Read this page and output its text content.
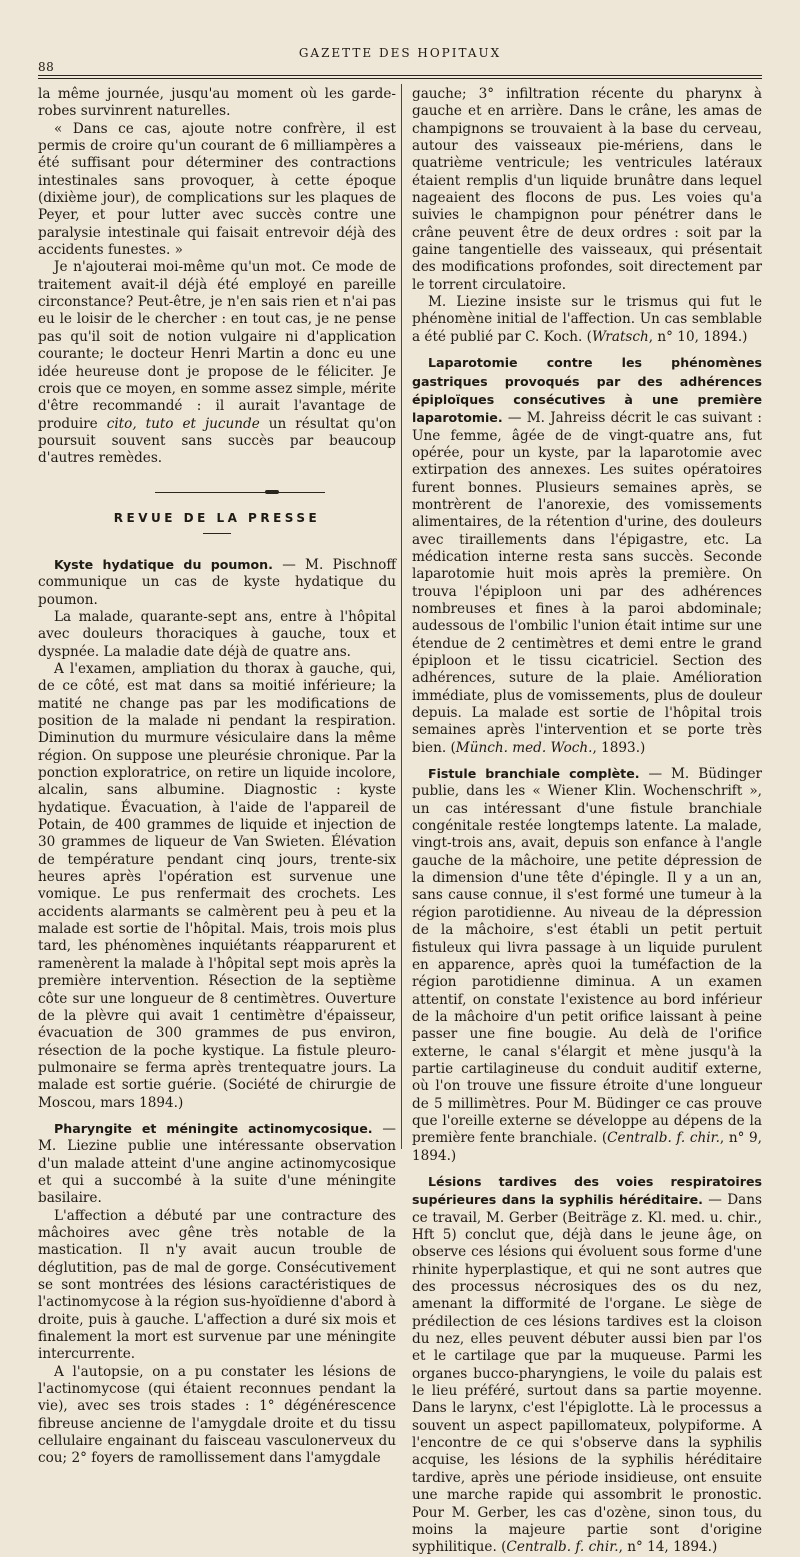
88
GAZETTE DES HOPITAUX

la même journée, jusqu'au moment où les garde-robes survinrent naturelles.

« Dans ce cas, ajoute notre confrère, il est permis de croire qu'un courant de 6 milliampères a été suffisant pour déterminer des contractions intestinales sans provoquer, à cette époque (dixième jour), de complications sur les plaques de Peyer, et pour lutter avec succès contre une paralysie intestinale qui faisait entrevoir déjà des accidents funestes. »

Je n'ajouterai moi-même qu'un mot. Ce mode de traitement avait-il déjà été employé en pareille circonstance? Peut-être, je n'en sais rien et n'ai pas eu le loisir de le chercher : en tout cas, je ne pense pas qu'il soit de notion vulgaire ni d'application courante; le docteur Henri Martin a donc eu une idée heureuse dont je propose de le féliciter. Je crois que ce moyen, en somme assez simple, mérite d'être recommandé : il aurait l'avantage de produire cito, tuto et jucunde un résultat qu'on poursuit souvent sans succès par beaucoup d'autres remèdes.

REVUE DE LA PRESSE

Kyste hydatique du poumon. — M. Pischnoff communique un cas de kyste hydatique du poumon.

La malade, quarante-sept ans, entre à l'hôpital avec douleurs thoraciques à gauche, toux et dyspnée. La maladie date déjà de quatre ans.

A l'examen, ampliation du thorax à gauche, qui, de ce côté, est mat dans sa moitié inférieure; la matité ne change pas par les modifications de position de la malade ni pendant la respiration. Diminution du murmure vésiculaire dans la même région. On suppose une pleurésie chronique. Par la ponction exploratrice, on retire un liquide incolore, alcalin, sans albumine. Diagnostic : kyste hydatique. Évacuation, à l'aide de l'appareil de Potain, de 400 grammes de liquide et injection de 30 grammes de liqueur de Van Swieten. Élévation de température pendant cinq jours, trente-six heures après l'opération est survenue une vomique. Le pus renfermait des crochets. Les accidents alarmants se calmèrent peu à peu et la malade est sortie de l'hôpital. Mais, trois mois plus tard, les phénomènes inquiétants réapparurent et ramenèrent la malade à l'hôpital sept mois après la première intervention. Résection de la septième côte sur une longueur de 8 centimètres. Ouverture de la plèvre qui avait 1 centimètre d'épaisseur, évacuation de 300 grammes de pus environ, résection de la poche kystique. La fistule pleuro-pulmonaire se ferma après trentequatre jours. La malade est sortie guérie. (Société de chirurgie de Moscou, mars 1894.)

Pharyngite et méningite actinomycosique. — M. Liezine publie une intéressante observation d'un malade atteint d'une angine actinomycosique et qui a succombé à la suite d'une méningite basilaire.

L'affection a débuté par une contracture des mâchoires avec gêne très notable de la mastication. Il n'y avait aucun trouble de déglutition, pas de mal de gorge. Consécutivement se sont montrées des lésions caractéristiques de l'actinomycose à la région sus-hyoïdienne d'abord à droite, puis à gauche. L'affection a duré six mois et finalement la mort est survenue par une méningite intercurrente.

A l'autopsie, on a pu constater les lésions de l'actinomycose (qui étaient reconnues pendant la vie), avec ses trois stades : 1° dégénérescence fibreuse ancienne de l'amygdale droite et du tissu cellulaire engainant du faisceau vasculonerveux du cou; 2° foyers de ramollissement dans l'amygdale

gauche; 3° infiltration récente du pharynx à gauche et en arrière. Dans le crâne, les amas de champignons se trouvaient à la base du cerveau, autour des vaisseaux pie-mériens, dans le quatrième ventricule; les ventricules latéraux étaient remplis d'un liquide brunâtre dans lequel nageaient des flocons de pus. Les voies qu'a suivies le champignon pour pénétrer dans le crâne peuvent être de deux ordres : soit par la gaine tangentielle des vaisseaux, qui présentait des modifications profondes, soit directement par le torrent circulatoire.

M. Liezine insiste sur le trismus qui fut le phénomène initial de l'affection. Un cas semblable a été publié par C. Koch. (Wratsch, n° 10, 1894.)

Laparotomie contre les phénomènes gastriques provoqués par des adhérences épiploïques consécutives à une première laparotomie. — M. Jahreiss décrit le cas suivant : Une femme, âgée de de vingt-quatre ans, fut opérée, pour un kyste, par la laparotomie avec extirpation des annexes. Les suites opératoires furent bonnes. Plusieurs semaines après, se montrèrent de l'anorexie, des vomissements alimentaires, de la rétention d'urine, des douleurs avec tiraillements dans l'épigastre, etc. La médication interne resta sans succès. Seconde laparotomie huit mois après la première. On trouva l'épiploon uni par des adhérences nombreuses et fines à la paroi abdominale; audessous de l'ombilic l'union était intime sur une étendue de 2 centimètres et demi entre le grand épiploon et le tissu cicatriciel. Section des adhérences, suture de la plaie. Amélioration immédiate, plus de vomissements, plus de douleur depuis. La malade est sortie de l'hôpital trois semaines après l'intervention et se porte très bien. (Münch. med. Woch., 1893.)

Fistule branchiale complète. — M. Büdinger publie, dans les « Wiener Klin. Wochenschrift », un cas intéressant d'une fistule branchiale congénitale restée longtemps latente. La malade, vingt-trois ans, avait, depuis son enfance à l'angle gauche de la mâchoire, une petite dépression de la dimension d'une tête d'épingle. Il y a un an, sans cause connue, il s'est formé une tumeur à la région parotidienne. Au niveau de la dépression de la mâchoire, s'est établi un petit pertuit fistuleux qui livra passage à un liquide purulent en apparence, après quoi la tuméfaction de la région parotidienne diminua. A un examen attentif, on constate l'existence au bord inférieur de la mâchoire d'un petit orifice laissant à peine passer une fine bougie. Au delà de l'orifice externe, le canal s'élargit et mène jusqu'à la partie cartilagineuse du conduit auditif externe, où l'on trouve une fissure étroite d'une longueur de 5 millimètres. Pour M. Büdinger ce cas prouve que l'oreille externe se développe au dépens de la première fente branchiale. (Centralb. f. chir., n° 9, 1894.)

Lésions tardives des voies respiratoires supérieures dans la syphilis héréditaire. — Dans ce travail, M. Gerber (Beiträge z. Kl. med. u. chir., Hft 5) conclut que, déjà dans le jeune âge, on observe ces lésions qui évoluent sous forme d'une rhinite hyperplastique, et qui ne sont autres que des processus nécrosiques des os du nez, amenant la difformité de l'organe. Le siège de prédilection de ces lésions tardives est la cloison du nez, elles peuvent débuter aussi bien par l'os et le cartilage que par la muqueuse. Parmi les organes bucco-pharyngiens, le voile du palais est le lieu préféré, surtout dans sa partie moyenne. Dans le larynx, c'est l'épiglotte. Là le processus a souvent un aspect papillomateux, polypiforme. A l'encontre de ce qui s'observe dans la syphilis acquise, les lésions de la syphilis héréditaire tardive, après une période insidieuse, ont ensuite une marche rapide qui assombrit le pronostic. Pour M. Gerber, les cas d'ozène, sinon tous, du moins la majeure partie sont d'origine syphilitique. (Centralb. f. chir., n° 14, 1894.)
